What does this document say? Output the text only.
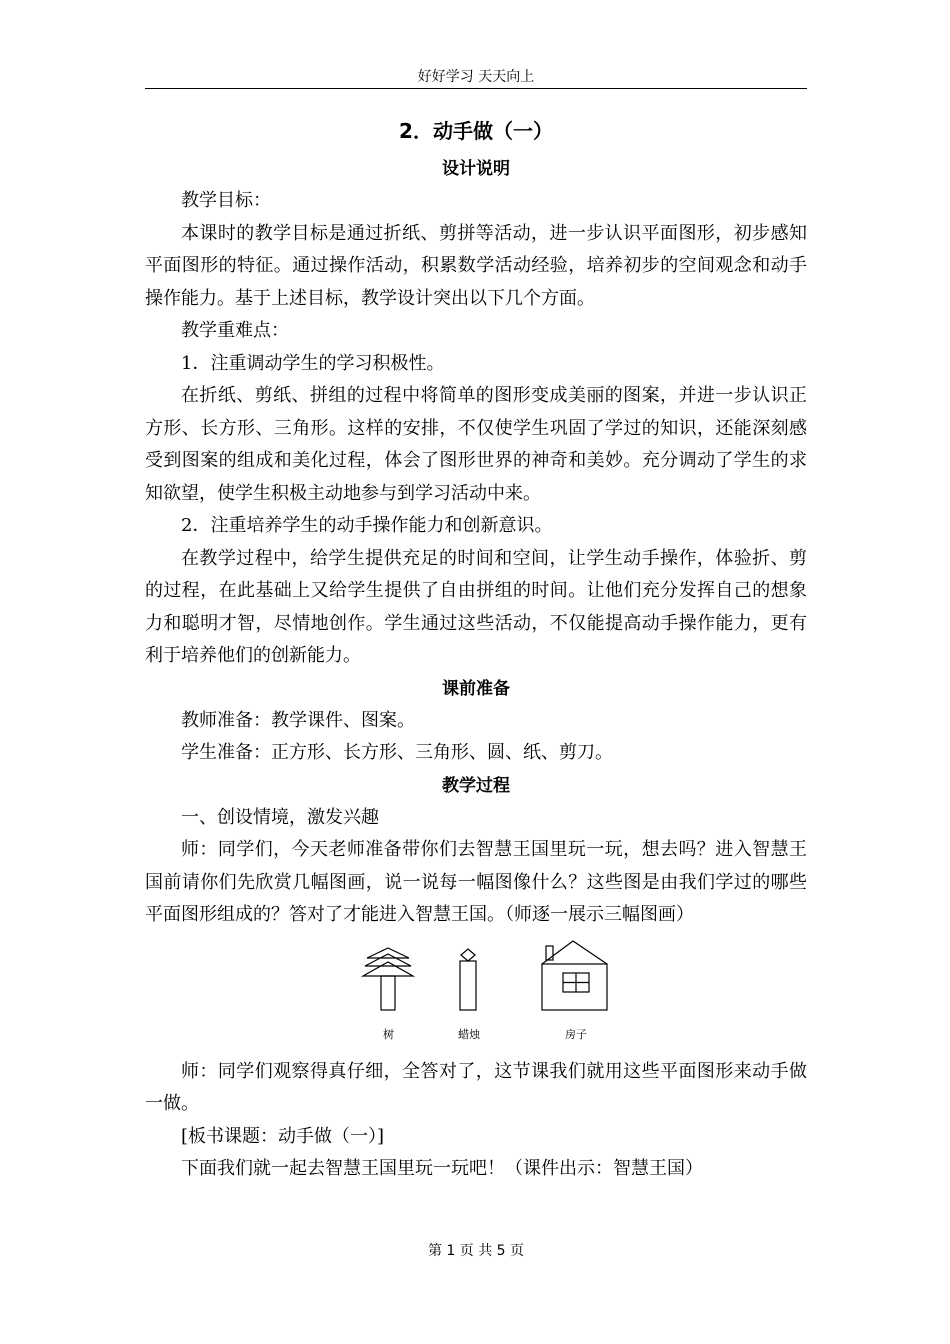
好好学习 天天向上
2．动手做（一）
设计说明

教学目标：

本课时的教学目标是通过折纸、剪拼等活动，进一步认识平面图形，初步感知平面图形的特征。通过操作活动，积累数学活动经验，培养初步的空间观念和动手操作能力。基于上述目标，教学设计突出以下几个方面。

教学重难点：

1．注重调动学生的学习积极性。

在折纸、剪纸、拼组的过程中将简单的图形变成美丽的图案，并进一步认识正方形、长方形、三角形。这样的安排，不仅使学生巩固了学过的知识，还能深刻感受到图案的组成和美化过程，体会了图形世界的神奇和美妙。充分调动了学生的求知欲望，使学生积极主动地参与到学习活动中来。

2．注重培养学生的动手操作能力和创新意识。

在教学过程中，给学生提供充足的时间和空间，让学生动手操作，体验折、剪的过程，在此基础上又给学生提供了自由拼组的时间。让他们充分发挥自己的想象力和聪明才智，尽情地创作。学生通过这些活动，不仅能提高动手操作能力，更有利于培养他们的创新能力。

课前准备

教师准备：教学课件、图案。

学生准备：正方形、长方形、三角形、圆、纸、剪刀。

教学过程

一、创设情境，激发兴趣

师：同学们，今天老师准备带你们去智慧王国里玩一玩，想去吗？进入智慧王国前请你们先欣赏几幅图画，说一说每一幅图像什么？这些图是由我们学过的哪些平面图形组成的？答对了才能进入智慧王国。（师逐一展示三幅图画）

树	蜡烛	房子

师：同学们观察得真仔细，全答对了，这节课我们就用这些平面图形来动手做一做。

[板书课题：动手做（一）]

下面我们就一起去智慧王国里玩一玩吧！（课件出示：智慧王国）

第 1 页 共 5 页
